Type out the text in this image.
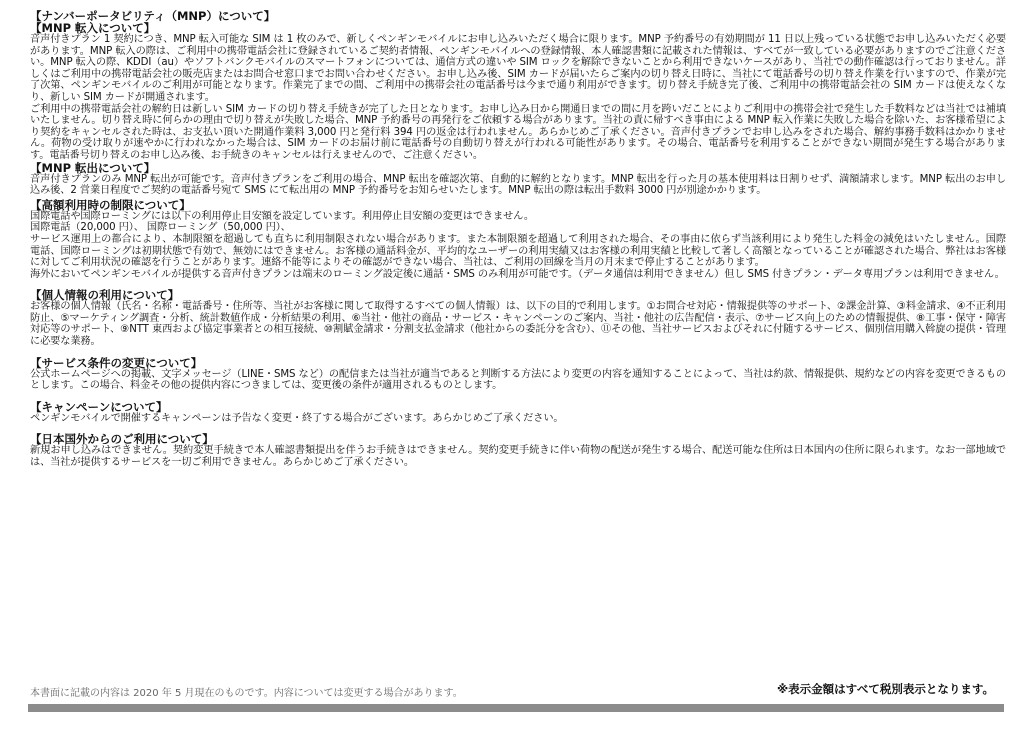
【ナンバーポータビリティ（MNP）について】

【MNP 転入について】

音声付きプラン 1 契約につき、MNP 転入可能な SIM は 1 枚のみで、新しくペンギンモバイルにお申し込みいただく場合に限ります。MNP 予約番号の有効期間が 11 日以上残っている状態でお申し込みいただく必要があります。MNP 転入の際は、ご利用中の携帯電話会社に登録されているご契約者情報、ペンギンモバイルへの登録情報、本人確認書類に記載された情報は、すべてが一致している必要がありますのでご注意ください。MNP 転入の際、KDDI（au）やソフトバンクモバイルのスマートフォンについては、通信方式の違いや SIM ロックを解除できないことから利用できないケースがあり、当社での動作確認は行っておりません。詳しくはご利用中の携帯電話会社の販売店またはお問合せ窓口までお問い合わせください。お申し込み後、SIM カードが届いたらご案内の切り替え日時に、当社にて電話番号の切り替え作業を行いますので、作業が完了次第、ペンギンモバイルのご利用が可能となります。作業完了までの間、ご利用中の携帯会社の電話番号は今まで通り利用ができます。切り替え手続き完了後、ご利用中の携帯電話会社の SIM カードは使えなくなり、新しい SIM カードが開通されます。

ご利用中の携帯電話会社の解約日は新しい SIM カードの切り替え手続きが完了した日となります。お申し込み日から開通日までの間に月を跨いだことによりご利用中の携帯会社で発生した手数料などは当社では補填いたしません。切り替え時に何らかの理由で切り替えが失敗した場合、MNP 予約番号の再発行をご依頼する場合があります。当社の責に帰すべき事由による MNP 転入作業に失敗した場合を除いた、お客様希望により契約をキャンセルされた時は、お支払い頂いた開通作業料 3,000 円と発行料 394 円の返金は行われません。あらかじめご了承ください。音声付きプランでお申し込みをされた場合、解約事務手数料はかかりません。荷物の受け取りが速やかに行われなかった場合は、SIM カードのお届け前に電話番号の自動切り替えが行われる可能性があります。その場合、電話番号を利用することができない期間が発生する場合があります。電話番号切り替えのお申し込み後、お手続きのキャンセルは行えませんので、ご注意ください。

【MNP 転出について】

音声付きプランのみ MNP 転出が可能です。音声付きプランをご利用の場合、MNP 転出を確認次第、自動的に解約となります。MNP 転出を行った月の基本使用料は日割りせず、満額請求します。MNP 転出のお申し込み後、2 営業日程度でご契約の電話番号宛て SMS にて転出用の MNP 予約番号をお知らせいたします。MNP 転出の際は転出手数料 3000 円が別途かかります。

【高額利用時の制限について】

国際電話や国際ローミングには以下の利用停止目安額を設定しています。利用停止目安額の変更はできません。

国際電話（20,000 円）、 国際ローミング（50,000 円）、

サービス運用上の都合により、本制限額を超過しても直ちに利用制限されない場合があります。また本制限額を超過して利用された場合、その事由に依らず当該利用により発生した料金の減免はいたしません。国際電話、国際ローミングは初期状態で有効で、無効にはできません。お客様の通話料金が、平均的なユーザーの利用実績又はお客様の利用実績と比較して著しく高額となっていることが確認された場合、弊社はお客様に対してご利用状況の確認を行うことがあります。連絡不能等によりその確認ができない場合、当社は、ご利用の回線を当月の月末まで停止することがあります。

海外においてペンギンモバイルが提供する音声付きプランは端末のローミング設定後に通話・SMS のみ利用が可能です。（データ通信は利用できません）但し SMS 付きプラン・データ専用プランは利用できません。

【個人情報の利用について】

お客様の個人情報（氏名・名称・電話番号・住所等、当社がお客様に関して取得するすべての個人情報）は、以下の目的で利用します。①お問合せ対応・情報提供等のサポート、②課金計算、③料金請求、④不正利用防止、⑤マーケティング調査・分析、統計数値作成・分析結果の利用、⑥当社・他社の商品・サービス・キャンペーンのご案内、当社・他社の広告配信・表示、⑦サービス向上のための情報提供、⑧工事・保守・障害対応等のサポート、⑨NTT 東西および協定事業者との相互接続、⑩割賦金請求・分割支払金請求（他社からの委託分を含む）、⑪その他、当社サービスおよびそれに付随するサービス、個別信用購入斡旋の提供・管理に必要な業務。

【サービス条件の変更について】

公式ホームページへの掲載、文字メッセージ（LINE・SMS など）の配信または当社が適当であると判断する方法により変更の内容を通知することによって、当社は約款、情報提供、規約などの内容を変更できるものとします。この場合、料金その他の提供内容につきましては、変更後の条件が適用されるものとします。

【キャンペーンについて】

ペンギンモバイルで開催するキャンペーンは予告なく変更・終了する場合がございます。あらかじめご了承ください。

【日本国外からのご利用について】

新規お申し込みはできません。契約変更手続きで本人確認書類提出を伴うお手続きはできません。契約変更手続きに伴い荷物の配送が発生する場合、配送可能な住所は日本国内の住所に限られます。なお一部地域では、当社が提供するサービスを一切ご利用できません。あらかじめご了承ください。

本書面に記載の内容は 2020 年 5 月現在のものです。内容については変更する場合があります。	※表示金額はすべて税別表示となります。
